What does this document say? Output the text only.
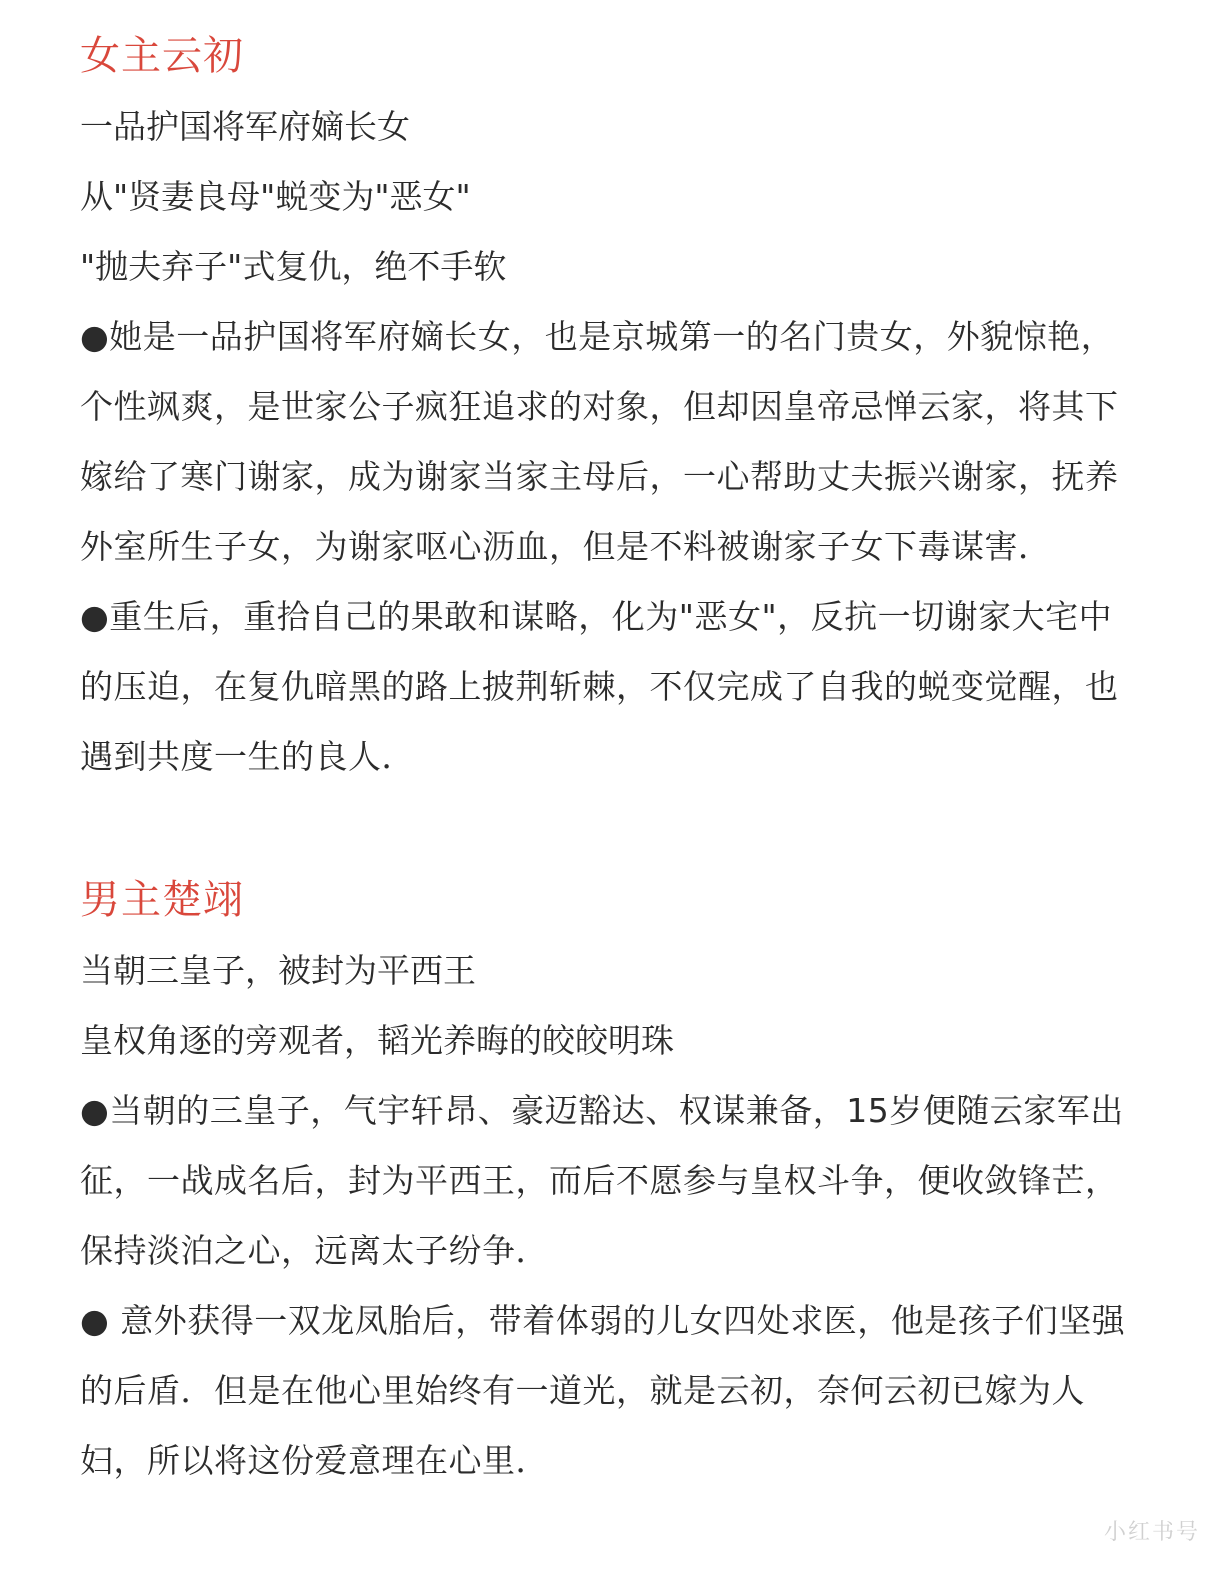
女主云初

一品护国将军府嫡长女

从"贤妻良母"蜕变为"恶女"

"抛夫弃子"式复仇，绝不手软

●她是一品护国将军府嫡长女，也是京城第一的名门贵女，外貌惊艳，个性飒爽，是世家公子疯狂追求的对象，但却因皇帝忌惮云家，将其下嫁给了寒门谢家，成为谢家当家主母后，一心帮助丈夫振兴谢家，抚养外室所生子女，为谢家呕心沥血，但是不料被谢家子女下毒谋害．

●重生后，重拾自己的果敢和谋略，化为"恶女"，反抗一切谢家大宅中的压迫，在复仇暗黑的路上披荆斩棘，不仅完成了自我的蜕变觉醒，也遇到共度一生的良人．

男主楚翊

当朝三皇子，被封为平西王

皇权角逐的旁观者，韬光养晦的皎皎明珠

●当朝的三皇子，气宇轩昂、豪迈豁达、权谋兼备，15岁便随云家军出征，一战成名后，封为平西王，而后不愿参与皇权斗争，便收敛锋芒，保持淡泊之心，远离太子纷争．

● 意外获得一双龙凤胎后，带着体弱的儿女四处求医，他是孩子们坚强的后盾．但是在他心里始终有一道光，就是云初，奈何云初已嫁为人妇，所以将这份爱意理在心里．

小红书号
